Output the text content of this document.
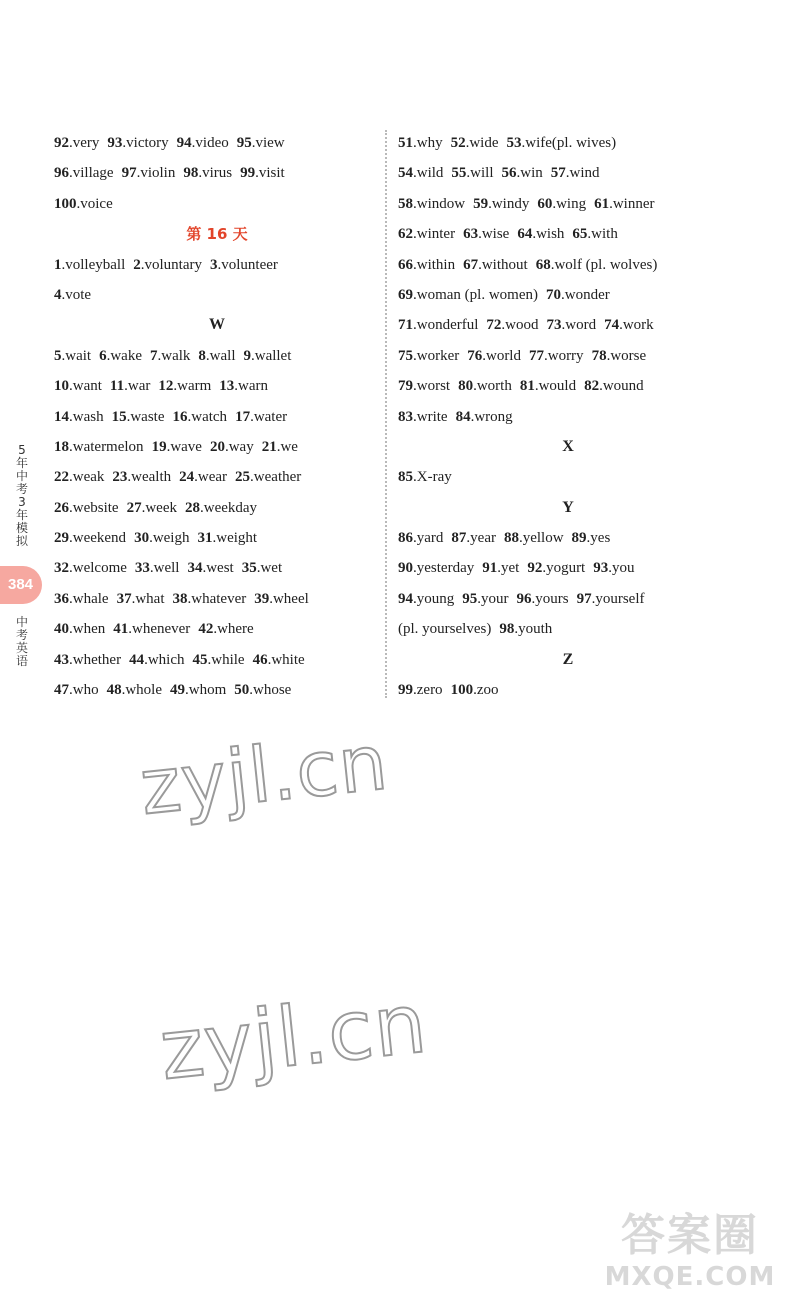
5年中考3年模拟
384
中考英语
92.very 93.victory 94.video 95.view
96.village 97.violin 98.virus 99.visit
100.voice
第 16 天
1.volleyball 2.voluntary 3.volunteer
4.vote
W
5.wait 6.wake 7.walk 8.wall 9.wallet
10.want 11.war 12.warm 13.warn
14.wash 15.waste 16.watch 17.water
18.watermelon 19.wave 20.way 21.we
22.weak 23.wealth 24.wear 25.weather
26.website 27.week 28.weekday
29.weekend 30.weigh 31.weight
32.welcome 33.well 34.west 35.wet
36.whale 37.what 38.whatever 39.wheel
40.when 41.whenever 42.where
43.whether 44.which 45.while 46.white
47.who 48.whole 49.whom 50.whose
51.why 52.wide 53.wife(pl. wives)
54.wild 55.will 56.win 57.wind
58.window 59.windy 60.wing 61.winner
62.winter 63.wise 64.wish 65.with
66.within 67.without 68.wolf (pl. wolves)
69.woman (pl. women) 70.wonder
71.wonderful 72.wood 73.word 74.work
75.worker 76.world 77.worry 78.worse
79.worst 80.worth 81.would 82.wound
83.write 84.wrong
X
85.X-ray
Y
86.yard 87.year 88.yellow 89.yes
90.yesterday 91.yet 92.yogurt 93.you
94.young 95.your 96.yours 97.yourself
(pl. yourselves) 98.youth
Z
99.zero 100.zoo
zyjl.cn
zyjl.cn
答案圈
MXQE.COM
